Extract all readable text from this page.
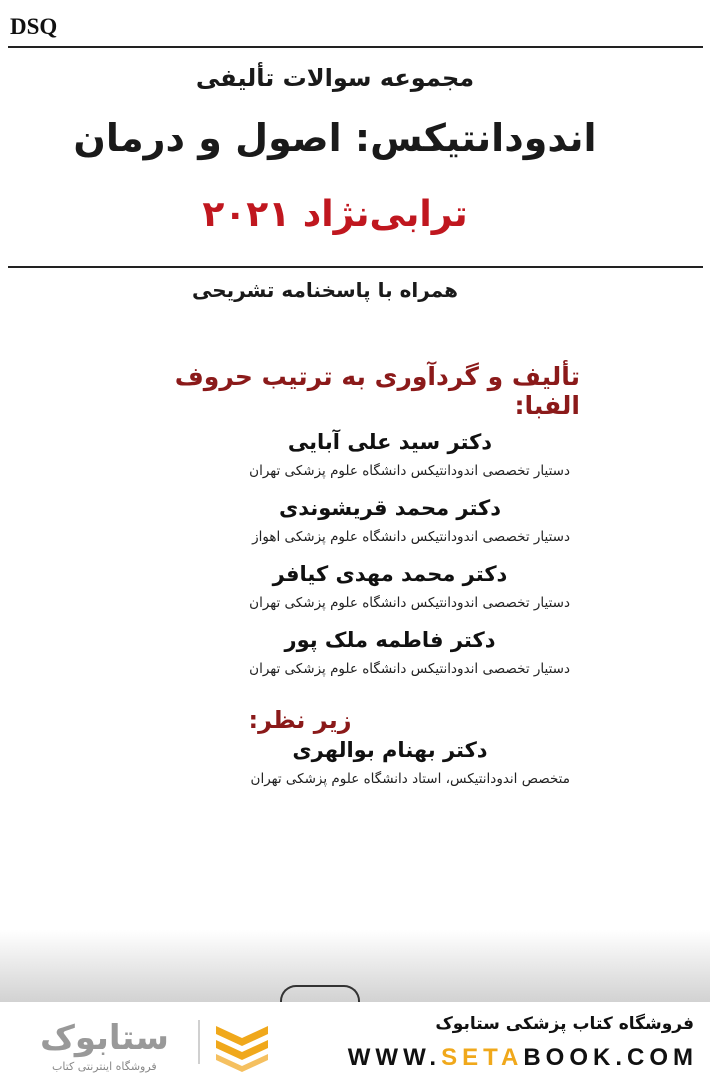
DSQ
مجموعه سوالات تألیفی
اندودانتیکس: اصول و درمان
ترابی‌نژاد ۲۰۲۱
همراه با پاسخنامه تشریحی
تألیف و گردآوری به ترتیب حروف الفبا:
دکتر سید علی آبایی
دستیار تخصصی اندودانتیکس دانشگاه علوم پزشکی تهران
دکتر محمد قریشوندی
دستیار تخصصی اندودانتیکس دانشگاه علوم پزشکی اهواز
دکتر محمد مهدی کیافر
دستیار تخصصی اندودانتیکس دانشگاه علوم پزشکی تهران
دکتر فاطمه ملک پور
دستیار تخصصی اندودانتیکس دانشگاه علوم پزشکی تهران
زیر نظر:
دکتر بهنام بوالهری
متخصص اندودانتیکس، استاد دانشگاه علوم پزشکی تهران
فروشگاه کتاب پزشکی ستابوک
WWW.SETABOOK.COM
ستابوک
فروشگاه اینترنتی کتاب
